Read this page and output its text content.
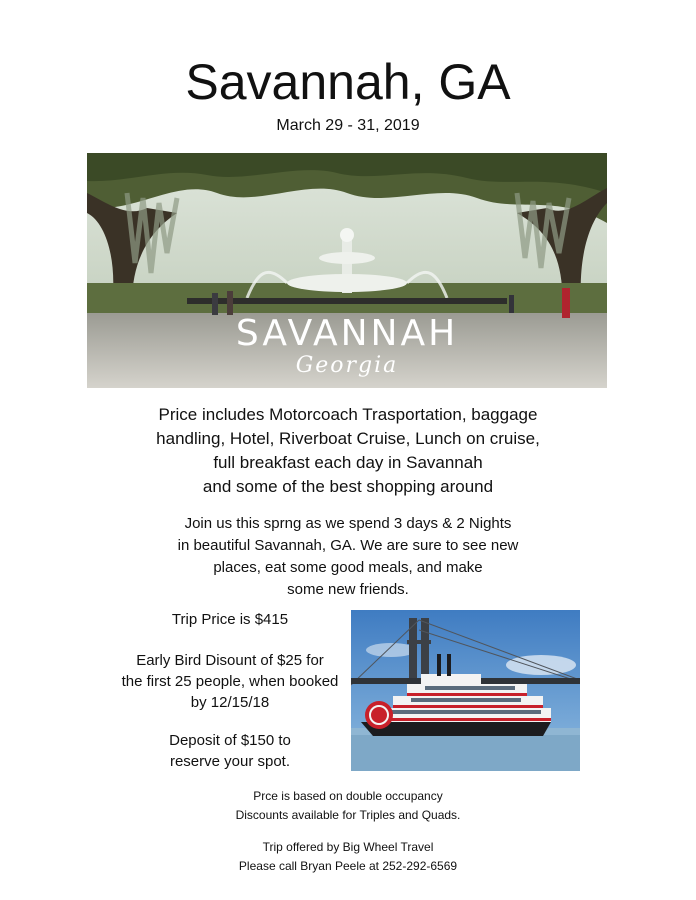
Savannah, GA
March 29 - 31, 2019
SAVANNAH
Georgia
Price includes Motorcoach Trasportation, baggage
handling, Hotel, Riverboat Cruise, Lunch on cruise,
full breakfast each day in Savannah
and some of the best shopping around
Join us this sprng as we spend 3 days & 2 Nights
in beautiful Savannah, GA. We are sure to see new
places, eat some good meals, and make
some new friends.
Trip Price is $415
Early Bird Disount of $25 for
the first 25 people, when booked
by 12/15/18
Deposit of $150 to
reserve your spot.
Prce is based on double occupancy
Discounts available for Triples and Quads.
Trip offered by Big Wheel Travel
Please call Bryan Peele at 252-292-6569
